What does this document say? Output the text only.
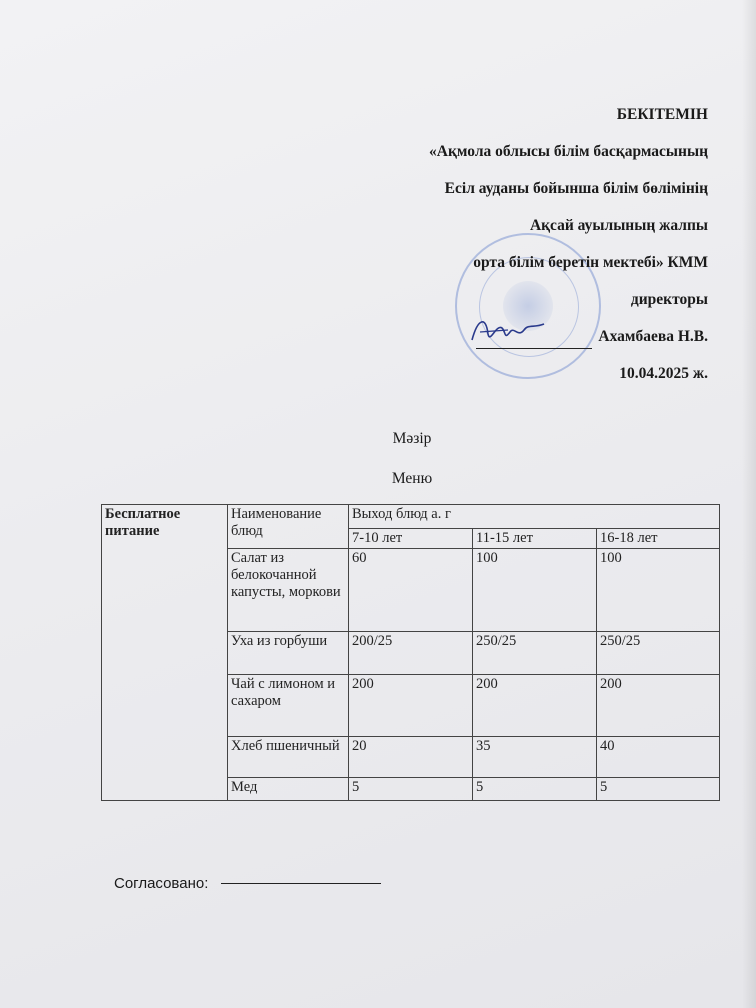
БЕКІТЕМІН
«Ақмола облысы білім басқармасының
Есіл ауданы бойынша білім бөлімінің
Ақсай ауылының жалпы
орта білім беретін мектебі» КММ
директоры
Ахамбаева Н.В.
10.04.2025 ж.
Мәзір
Меню
Бесплатное питание	Наименование блюд	Выход блюд а. г		
		7-10 лет	11-15 лет	16-18 лет
	Салат из белокочанной капусты, моркови	60	100	100
	Уха из горбуши	200/25	250/25	250/25
	Чай с лимоном и сахаром	200	200	200
	Хлеб пшеничный	20	35	40
	Мед	5	5	5
Согласовано:
